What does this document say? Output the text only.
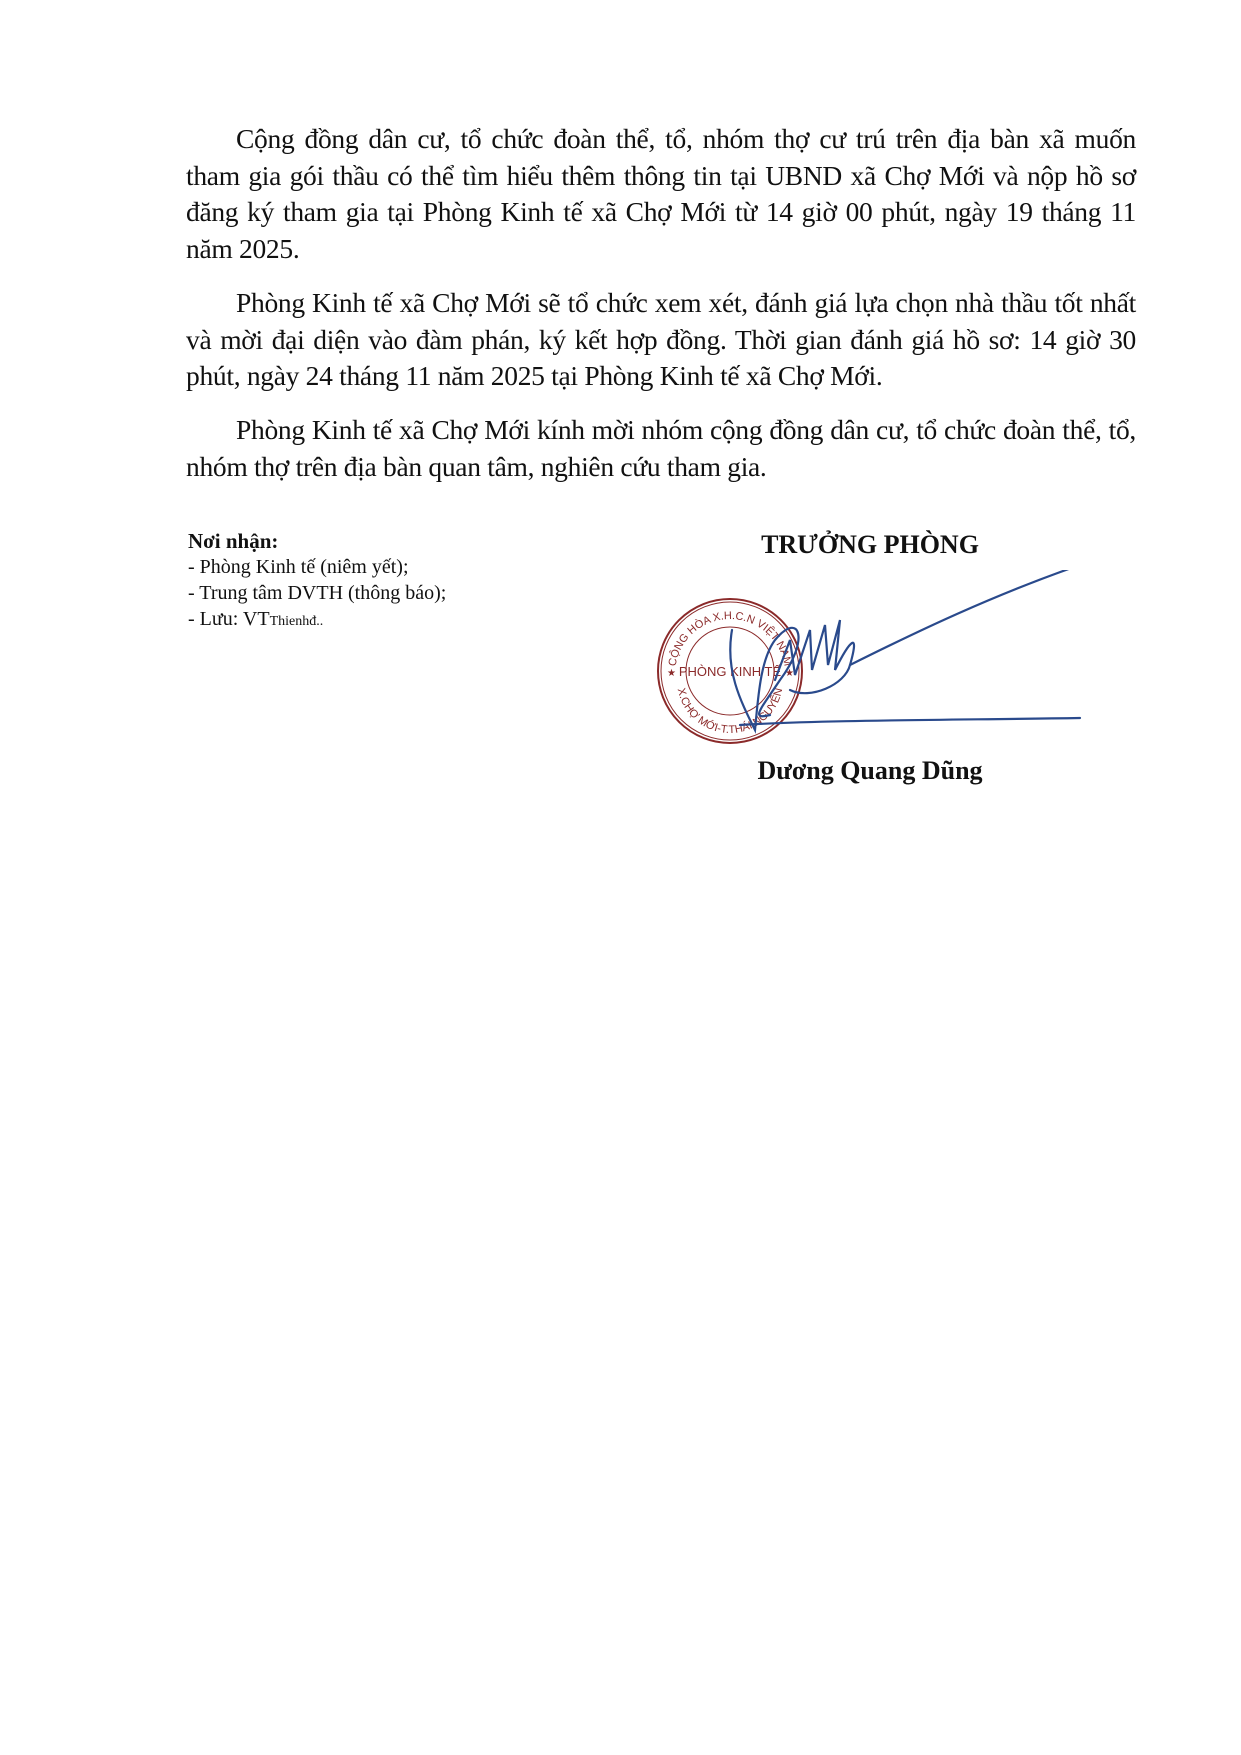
Cộng đồng dân cư, tổ chức đoàn thể, tổ, nhóm thợ cư trú trên địa bàn xã muốn tham gia gói thầu có thể tìm hiểu thêm thông tin tại UBND xã Chợ Mới và nộp hồ sơ đăng ký tham gia tại Phòng Kinh tế xã Chợ Mới từ 14 giờ 00 phút, ngày 19 tháng 11 năm 2025.

Phòng Kinh tế xã Chợ Mới sẽ tổ chức xem xét, đánh giá lựa chọn nhà thầu tốt nhất và mời đại diện vào đàm phán, ký kết hợp đồng. Thời gian đánh giá hồ sơ: 14 giờ 30 phút, ngày 24 tháng 11 năm 2025 tại Phòng Kinh tế xã Chợ Mới.

Phòng Kinh tế xã Chợ Mới kính mời nhóm cộng đồng dân cư, tổ chức đoàn thể, tổ, nhóm thợ trên địa bàn quan tâm, nghiên cứu tham gia.

Nơi nhận:
- Phòng Kinh tế (niêm yết);
- Trung tâm DVTH (thông báo);
- Lưu: VTThienhđ..
TRƯỞNG PHÒNG
CỘNG HÒA X.H.C.N VIỆT NAM
X.CHỢ MỚI-T.THÁI NGUYÊN
PHÒNG KINH TẾ
★	★
Dương Quang Dũng
